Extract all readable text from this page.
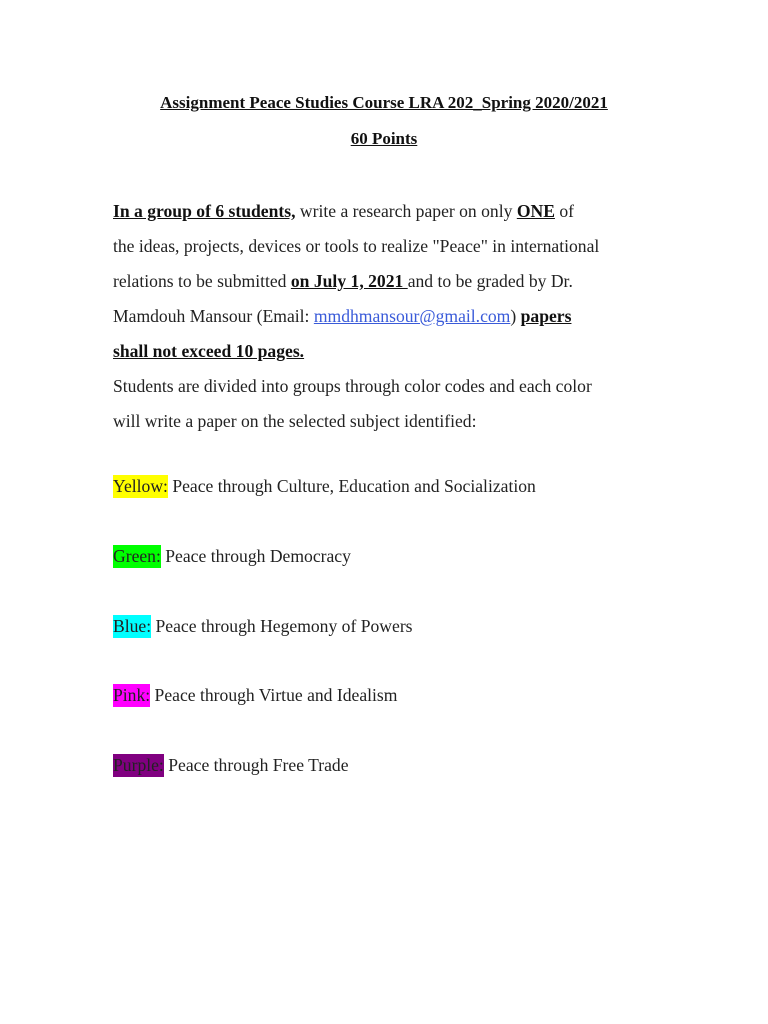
Assignment Peace Studies Course LRA 202_Spring 2020/2021
60 Points
In a group of 6 students, write a research paper on only ONE of
the ideas, projects, devices or tools to realize "Peace" in international
relations to be submitted on July 1, 2021 and to be graded by Dr.
Mamdouh Mansour (Email: mmdhmansour@gmail.com) papers
shall not exceed 10 pages.
Students are divided into groups through color codes and each color
will write a paper on the selected subject identified:
Yellow: Peace through Culture, Education and Socialization
Green: Peace through Democracy
Blue: Peace through Hegemony of Powers
Pink: Peace through Virtue and Idealism
Purple: Peace through Free Trade
